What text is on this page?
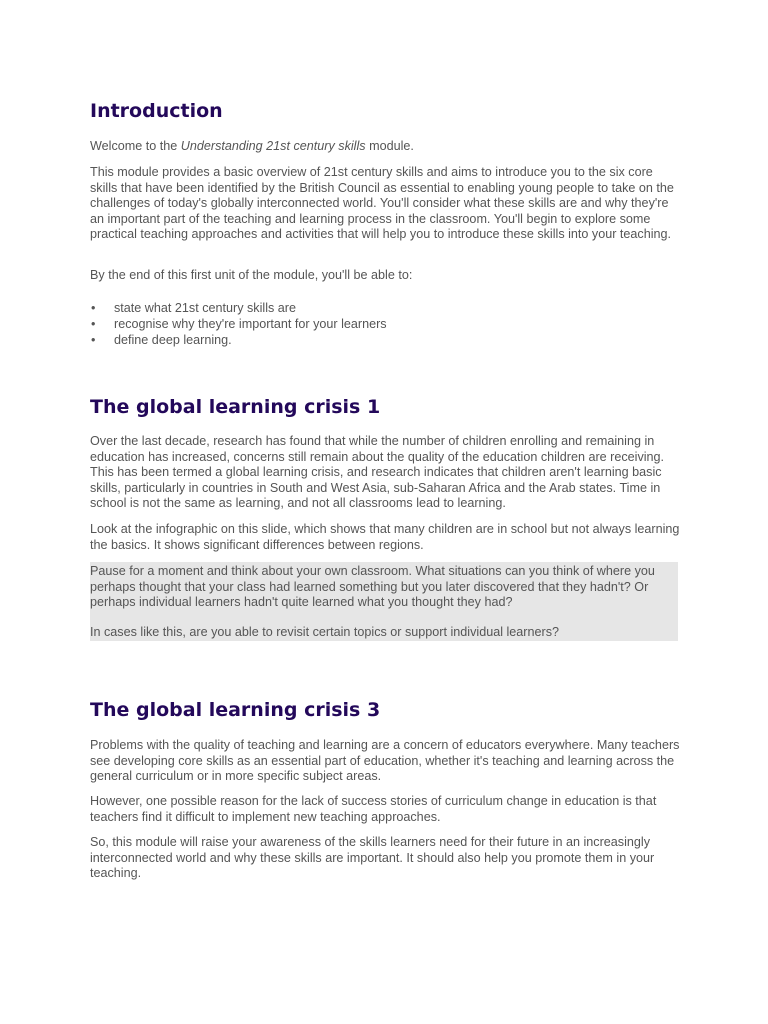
Introduction

Welcome to the Understanding 21st century skills module.

This module provides a basic overview of 21st century skills and aims to introduce you to the six core skills that have been identified by the British Council as essential to enabling young people to take on the challenges of today's globally interconnected world. You'll consider what these skills are and why they're an important part of the teaching and learning process in the classroom. You'll begin to explore some practical teaching approaches and activities that will help you to introduce these skills into your teaching.

By the end of this first unit of the module, you'll be able to:

• state what 21st century skills are
• recognise why they're important for your learners
• define deep learning.
The global learning crisis 1

Over the last decade, research has found that while the number of children enrolling and remaining in education has increased, concerns still remain about the quality of the education children are receiving. This has been termed a global learning crisis, and research indicates that children aren't learning basic skills, particularly in countries in South and West Asia, sub-Saharan Africa and the Arab states. Time in school is not the same as learning, and not all classrooms lead to learning.

Look at the infographic on this slide, which shows that many children are in school but not always learning the basics. It shows significant differences between regions.

Pause for a moment and think about your own classroom. What situations can you think of where you perhaps thought that your class had learned something but you later discovered that they hadn't? Or perhaps individual learners hadn't quite learned what you thought they had?

In cases like this, are you able to revisit certain topics or support individual learners?

The global learning crisis 3

Problems with the quality of teaching and learning are a concern of educators everywhere. Many teachers see developing core skills as an essential part of education, whether it's teaching and learning across the general curriculum or in more specific subject areas.

However, one possible reason for the lack of success stories of curriculum change in education is that teachers find it difficult to implement new teaching approaches.

So, this module will raise your awareness of the skills learners need for their future in an increasingly interconnected world and why these skills are important. It should also help you promote them in your teaching.
